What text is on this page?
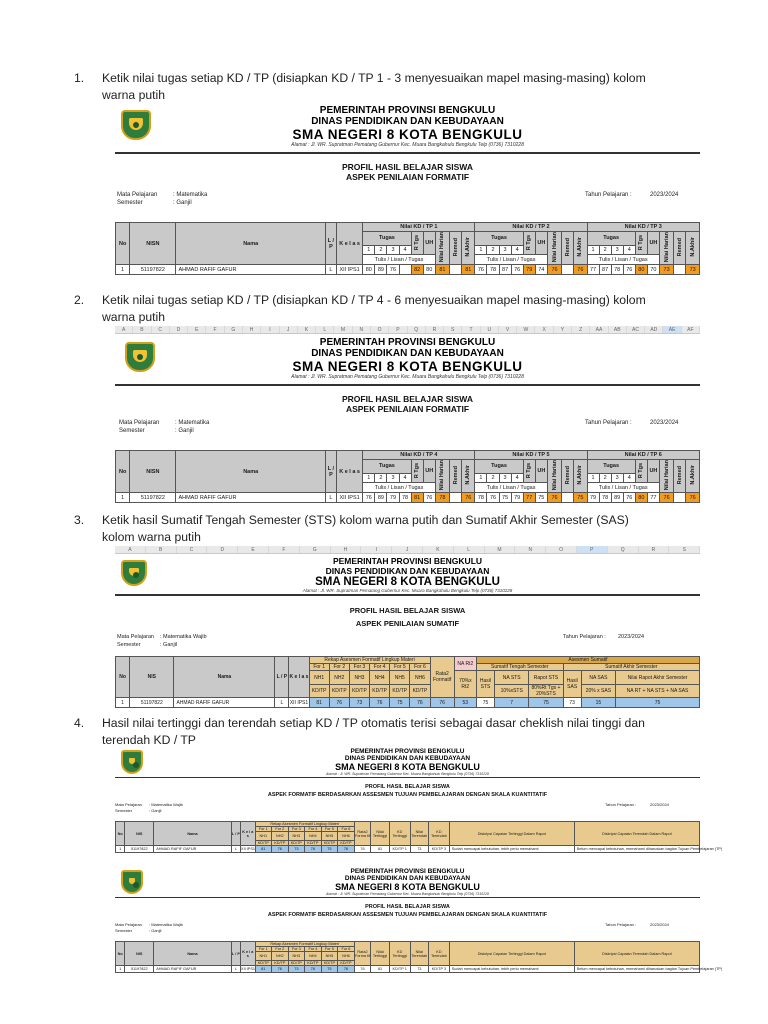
1.	Ketik nilai tugas setiap KD / TP (disiapkan KD / TP 1 - 3 menyesuaikan mapel masing-masing) kolom
warna putih
2.	Ketik nilai tugas setiap KD / TP (disiapkan KD / TP 4 - 6 menyesuaikan mapel masing-masing) kolom
warna putih
3.	Ketik hasil Sumatif Tengah Semester (STS) kolom warna putih dan Sumatif Akhir Semester (SAS)
kolom warna putih
4.	Hasil nilai tertinggi dan terendah setiap KD / TP otomatis terisi sebagai dasar cheklish nilai tinggi dan
terendah KD / TP
PEMERINTAH PROVINSI BENGKULU
DINAS PENDIDIKAN DAN KEBUDAYAAN
SMA NEGERI 8 KOTA BENGKULU
Alamat : Jl. WR. Supratman Pematang Gubernur Kec. Muara Bangkahulu Bengkulu Telp (0736) 7310228
PROFIL HASIL BELAJAR SISWA
ASPEK PENILAIAN FORMATIF
Mata Pelajaran	: Matematika
Semester	: Ganjil
Tahun Pelajaran :	2023/2024
No	NISN	Nama	L / P	K e l a s	Nilai KD / TP 1									Nilai KD / TP 2									Nilai KD / TP 3								
					Tugas				R Tgs	UH	Nilai Harian	Remed	N.Akhir	Tugas				R Tgs	UH	Nilai Harian	Remed	N.Akhir	Tugas				R Tgs	UH	Nilai Harian	Remed	N.Akhir
					1	2	3	4						1	2	3	4						1	2	3	4					
					Tulis / Lisan / Tugas									Tulis / Lisan / Tugas									Tulis / Lisan / Tugas								
1	51197822	AHMAD RAFIF GAFUR	L	XII IPS1	80	89	76		82	80	81		81	76	78	87	76	79	74	76		76	77	87	78	76	80	70	73		73
A	B	C	D	E	F	G	H	I	J	K	L	M	N	O	P	Q	R	S	T	U	V	W	X	Y	Z	AA	AB	AC	AD	AE	AF
PEMERINTAH PROVINSI BENGKULU
DINAS PENDIDIKAN DAN KEBUDAYAAN
SMA NEGERI 8 KOTA BENGKULU
Alamat : Jl. WR. Supratman Pematang Gubernur Kec. Muara Bangkahulu Bengkulu Telp (0736) 7310228
PROFIL HASIL BELAJAR SISWA
ASPEK PENILAIAN FORMATIF
Mata Pelajaran	: Matematika
Semester	: Ganjil
Tahun Pelajaran :	2023/2024
No	NISN	Nama	L / P	K e l a s	Nilai KD / TP 4									Nilai KD / TP 5									Nilai KD / TP 6								
					Tugas				R Tgs	UH	Nilai Harian	Remed	N.Akhir	Tugas				R Tgs	UH	Nilai Harian	Remed	N.Akhir	Tugas				R Tgs	UH	Nilai Harian	Remed	N.Akhir
					1	2	3	4						1	2	3	4						1	2	3	4					
					Tulis / Lisan / Tugas									Tulis / Lisan / Tugas									Tulis / Lisan / Tugas								
1	51197822	AHMAD RAFIF GAFUR	L	XII IPS1	76	89	79	78	81	76	78		76	78	76	75	79	77	75	76		75	79	78	89	76	80	77	76		76
A	B	C	D	E	F	G	H	I	J	K	L	M	N	O	P	Q	R	S
PEMERINTAH PROVINSI BENGKULU
DINAS PENDIDIKAN DAN KEBUDAYAAN
SMA NEGERI 8 KOTA BENGKULU
Alamat : Jl. WR. Supratman Pematang Gubernur Kec. Muara Bangkahulu Bengkulu Telp (0736) 7310228
PROFIL HASIL BELAJAR SISWA
ASPEK PENILAIAN SUMATIF
Mata Pelajaran : Matematika Wajib
Semester	: Ganjil
Tahun Pelajaran : 2023/2024
No	NIS	Nama	L / P	K e l a s	Rekap Asesmen Formatif Lingkup Materi						Rata2 Formatif	NA Rt2	Asesmen Sumatif					
					For 1	For 2	For 3	For 4	For 5	For 6			Sumatif Tengah Semester			Sumatif Akhir Semester		
					NH1	NH2	NH3	NH4	NH5	NH6		70%x Rt2	Hasil STS	NA STS	Rapot STS	Hasil SAS	NA SAS	Nilai Rapot Akhir Semester
					KD/TP	KD/TP	KD/TP	KD/TP	KD/TP	KD/TP				10%xSTS	80%Rt Tgs + 20%STS		20% x SAS	NA RT + NA STS + NA SAS
1	51197822	AHMAD RAFIF GAFUR	L	XII IPS1	81	76	73	76	75	76	76	53	75	7	75	73	15	75
PEMERINTAH PROVINSI BENGKULU
DINAS PENDIDIKAN DAN KEBUDAYAAN
SMA NEGERI 8 KOTA BENGKULU
Alamat : Jl. WR. Supratman Pematang Gubernur Kec. Muara Bangkahulu Bengkulu Telp (0736) 7310228
PROFIL HASIL BELAJAR SISWA
ASPEK FORMATIF BERDASARKAN ASSESMEN TUJUAN PEMBELAJARAN DENGAN SKALA KUANTITATIF
Mata Pelajaran : Matematika Wajib
Semester	: Ganjil
Tahun Pelajaran :	2023/2024
No	NIS	Nama	L / P	K e l a s	Rekap Asesmen Formatif Lingkup Materi						Rata2 Forma tif	Nilai Tertinggi	KD Tertinggi	Nilai Terendah	KD Terendah	Diskripsi Capaian Tertinggi Dalam Rapot	Diskripsi Capaian Terendah Dalam Rapot
					For 1	For 2	For 3	For 4	For 5	For 6							
					NH1	NH2	NH3	NH4	NH5	NH6							
					KD/TP	KD/TP	KD/TP	KD/TP	KD/TP	KD/TP							
1	51197822	AHMAD RAFIF GAFUR	L	XII IPS1	81	76	73	76	75	76	76	81	KD/TP 1	73	KD/TP 3	Sudah mencapai kebutuhan, lebih perlu memahami	Belum mencapai kebutuhan, memahami diharuskan bagian Tujuan Pembelajaran (TP)
PEMERINTAH PROVINSI BENGKULU
DINAS PENDIDIKAN DAN KEBUDAYAAN
SMA NEGERI 8 KOTA BENGKULU
Alamat : Jl. WR. Supratman Pematang Gubernur Kec. Muara Bangkahulu Bengkulu Telp (0736) 7310228
PROFIL HASIL BELAJAR SISWA
ASPEK FORMATIF BERDASARKAN ASSESMEN TUJUAN PEMBELAJARAN DENGAN SKALA KUANTITATIF
Mata Pelajaran : Matematika Wajib
Semester	: Ganjil
Tahun Pelajaran :	2023/2024
No	NIS	Nama	L / P	K e l a s	Rekap Asesmen Formatif Lingkup Materi						Rata2 Forma tif	Nilai Tertinggi	KD Tertinggi	Nilai Terendah	KD Terendah	Diskripsi Capaian Tertinggi Dalam Rapot	Diskripsi Capaian Terendah Dalam Rapot
					For 1	For 2	For 3	For 4	For 5	For 6							
					NH1	NH2	NH3	NH4	NH5	NH6							
					KD/TP	KD/TP	KD/TP	KD/TP	KD/TP	KD/TP							
1	51197822	AHMAD RAFIF GAFUR	L	XII IPS1	81	76	73	76	75	76	76	81	KD/TP 1	73	KD/TP 3	Sudah mencapai kebutuhan, lebih perlu memahami	Belum mencapai kebutuhan, memahami diharuskan bagian Tujuan Pembelajaran (TP)
